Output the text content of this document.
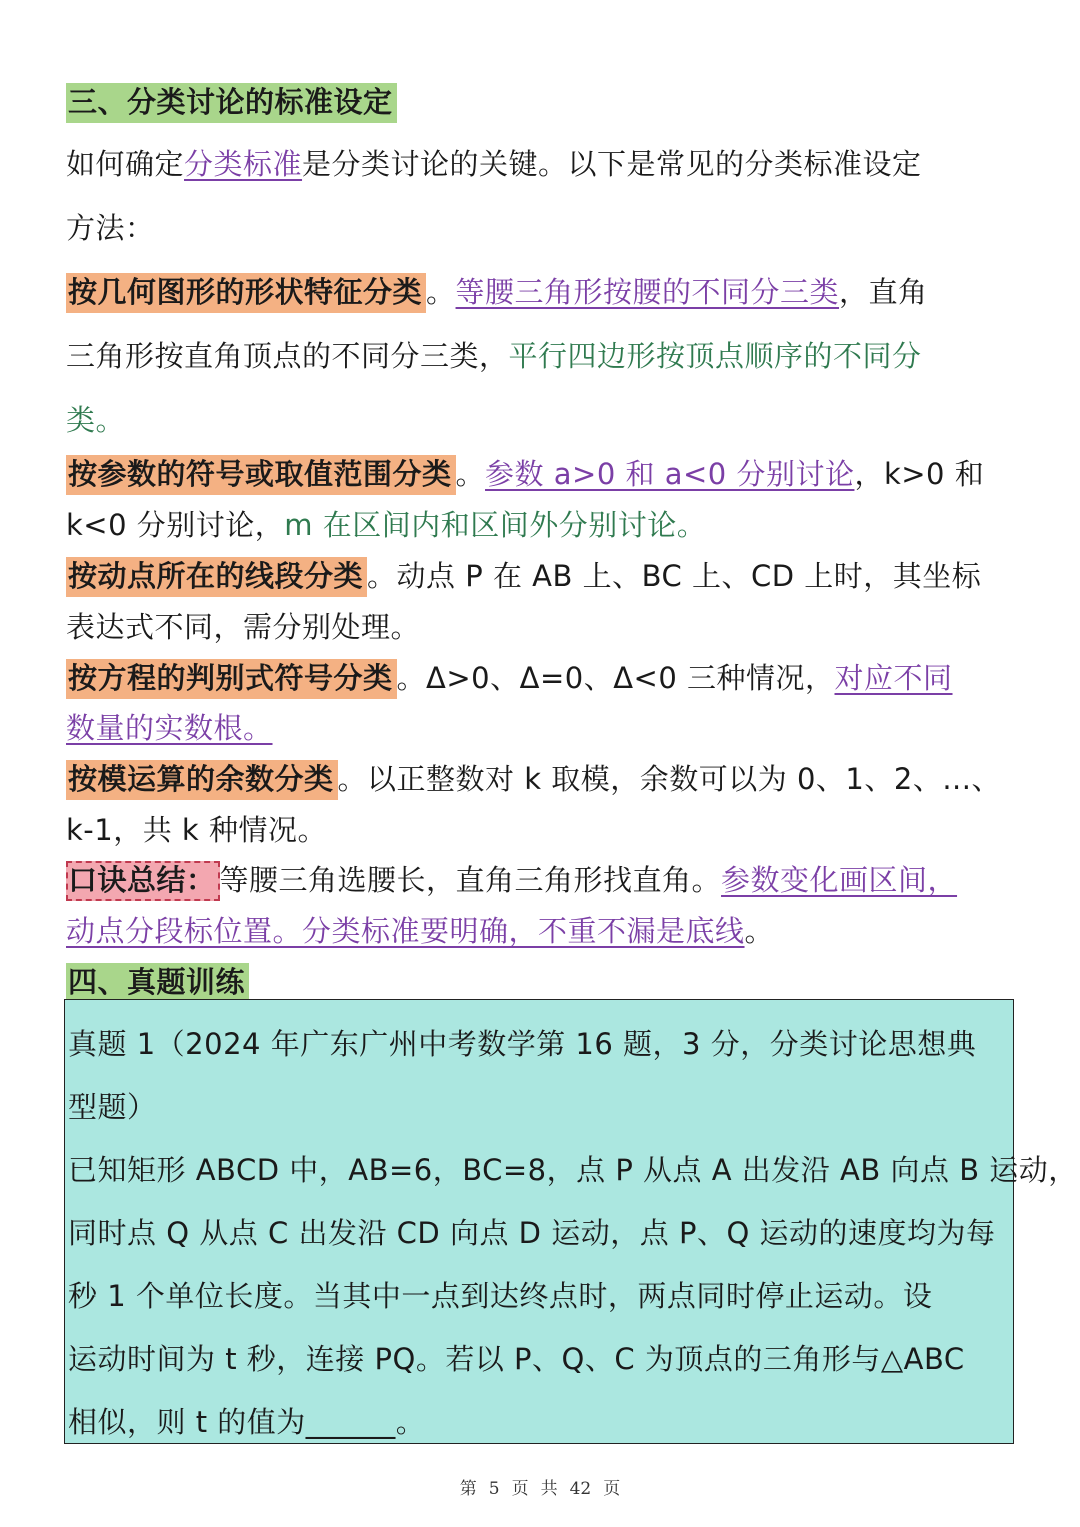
三、分类讨论的标准设定
如何确定分类标准是分类讨论的关键。以下是常见的分类标准设定
方法：
按几何图形的形状特征分类 。等腰三角形按腰的不同分三类，直角
三角形按直角顶点的不同分三类，平行四边形按顶点顺序的不同分
类。
按参数的符号或取值范围分类 。参数 a>0 和 a<0 分别讨论，k>0 和
k<0 分别讨论，m 在区间内和区间外分别讨论。
按动点所在的线段分类 。动点 P 在 AB 上、BC 上、CD 上时，其坐标
表达式不同，需分别处理。
按方程的判别式符号分类 。Δ>0、Δ=0、Δ<0 三种情况，对应不同
数量的实数根。
按模运算的余数分类 。以正整数对 k 取模，余数可以为 0、1、2、...、
k-1，共 k 种情况。
口诀总结： 等腰三角选腰长，直角三角形找直角。参数变化画区间，
动点分段标位置。分类标准要明确，不重不漏是底线。
四、真题训练
真题 1（2024 年广东广州中考数学第 16 题，3 分，分类讨论思想典
型题）
已知矩形 ABCD 中，AB=6，BC=8，点 P 从点 A 出发沿 AB 向点 B 运动，
同时点 Q 从点 C 出发沿 CD 向点 D 运动，点 P、Q 运动的速度均为每
秒 1 个单位长度。当其中一点到达终点时，两点同时停止运动。设
运动时间为 t 秒，连接 PQ。若以 P、Q、C 为顶点的三角形与△ABC
相似，则 t 的值为______。
第 5 页 共 42 页
